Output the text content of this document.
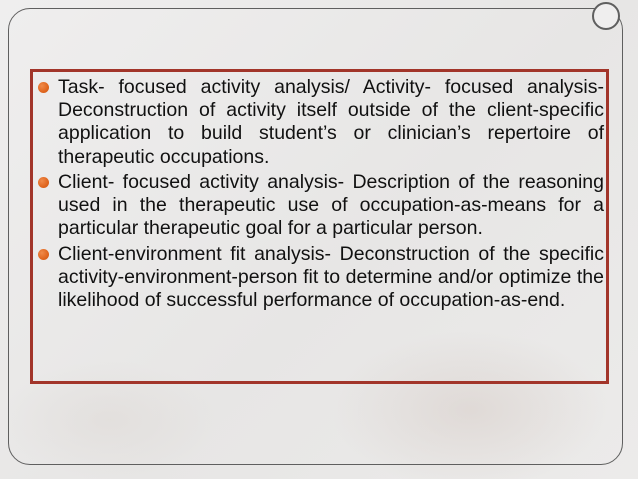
Task- focused activity analysis/ Activity- focused analysis- Deconstruction of activity itself outside of the client-specific application to build student’s or clinician’s repertoire of therapeutic occupations.
Client- focused activity analysis- Description of the reasoning used in the therapeutic use of occupation-as-means for a particular therapeutic goal for a particular person.
Client-environment fit analysis- Deconstruction of the specific activity-environment-person fit to determine and/or optimize the likelihood of successful performance of occupation-as-end.
